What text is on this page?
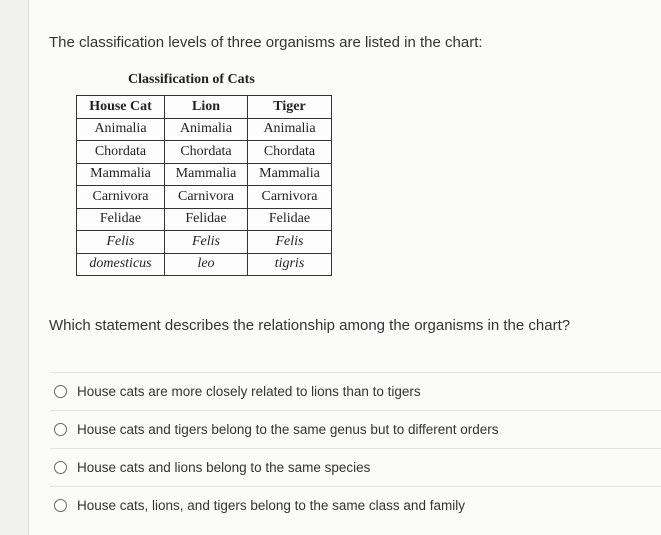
The classification levels of three organisms are listed in the chart:
Classification of Cats
House Cat	Lion	Tiger
Animalia	Animalia	Animalia
Chordata	Chordata	Chordata
Mammalia	Mammalia	Mammalia
Carnivora	Carnivora	Carnivora
Felidae	Felidae	Felidae
Felis	Felis	Felis
domesticus	leo	tigris
Which statement describes the relationship among the organisms in the chart?
House cats are more closely related to lions than to tigers
House cats and tigers belong to the same genus but to different orders
House cats and lions belong to the same species
House cats, lions, and tigers belong to the same class and family
